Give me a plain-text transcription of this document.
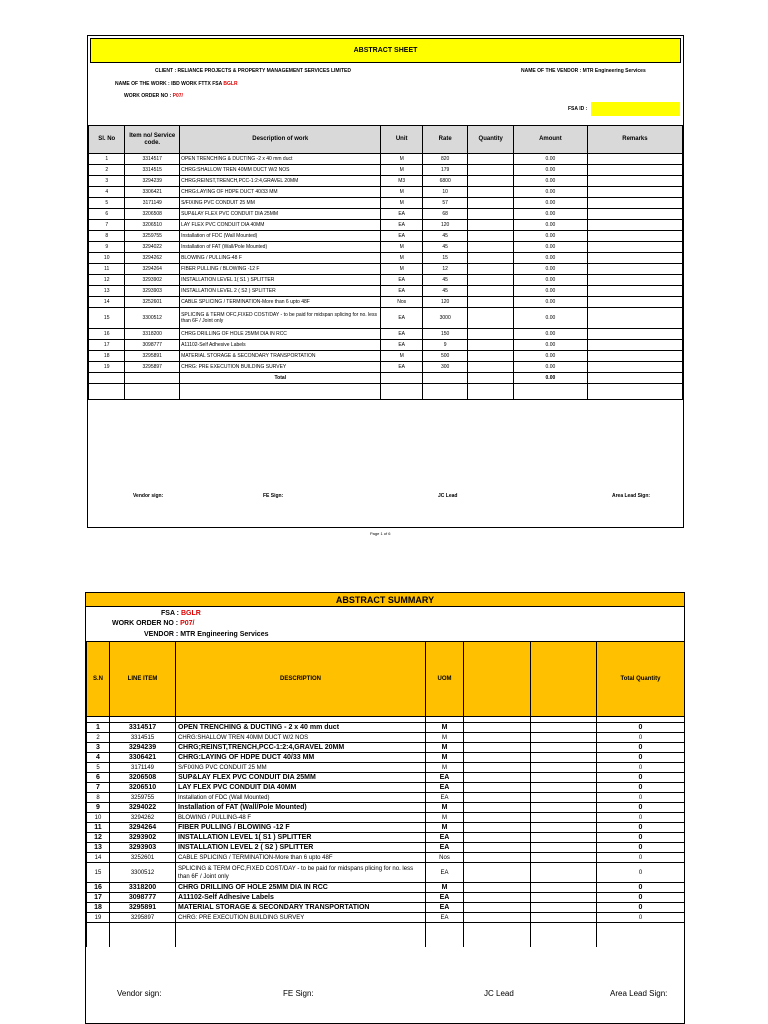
ABSTRACT SHEET
CLIENT : RELIANCE PROJECTS & PROPERTY MANAGEMENT SERVICES LIMITED	NAME OF THE VENDOR : MTR Engineering Services
NAME OF THE WORK : IBD WORK FTTX FSA BGLR
WORK ORDER NO : P07/
FSA ID :
Sl. No	Item no/ Service code.	Description of work	Unit	Rate	Quantity	Amount	Remarks
1	3314517	OPEN TRENCHING & DUCTING -2 x 40 mm duct	M	820		0.00	
2	3314515	CHRG:SHALLOW TREN 40MM DUCT W/2 NOS	M	179		0.00	
3	3294239	CHRG;REINST,TRENCH,PCC-1:2:4,GRAVEL 20MM	M3	6800		0.00	
4	3306421	CHRG:LAYING OF HDPE DUCT 40/33 MM	M	10		0.00	
5	3171149	S/FIXING PVC CONDUIT 25 MM	M	57		0.00	
6	3206508	SUP&LAY FLEX PVC CONDUIT DIA 25MM	EA	68		0.00	
7	3206510	LAY FLEX PVC CONDUIT DIA 40MM	EA	120		0.00	
8	3259755	Installation of FDC (Wall Mounted)	EA	45		0.00	
9	3294022	Installation of FAT (Wall/Pole Mounted)	M	45		0.00	
10	3294262	BLOWING / PULLING-48 F	M	15		0.00	
11	3294264	FIBER PULLING / BLOWING -12 F	M	12		0.00	
12	3293902	INSTALLATION LEVEL 1( S1 ) SPLITTER	EA	45		0.00	
13	3293903	INSTALLATION LEVEL 2 ( S2 ) SPLITTER	EA	45		0.00	
14	3252601	CABLE SPLICING / TERMINATION-More than 6 upto 48F	Nos	120		0.00	
15	3300512	SPLICING & TERM OFC,FIXED COST/DAY - to be paid for midspan splicing for no. less than 6F / Joint only	EA	3000		0.00	
16	3318200	CHRG DRILLING OF HOLE 25MM DIA IN RCC	EA	150		0.00	
17	3098777	A11102-Self Adhesive Labels	EA	9		0.00	
18	3295891	MATERIAL STORAGE & SECONDARY TRANSPORTATION	M	500		0.00	
19	3295897	CHRG: PRE EXECUTION BUILDING SURVEY	EA	300		0.00	
		Total				0.00	

Vendor sign:	FE Sign:	JC Lead	Area Lead Sign:
Page 1 of 6
ABSTRACT SUMMARY
FSA : BGLR
WORK ORDER NO : P07/
VENDOR : MTR Engineering Services
S.N	LINE ITEM	DESCRIPTION	UOM			Total Quantity

1	3314517	OPEN TRENCHING & DUCTING - 2 x 40 mm duct	M			0
2	3314515	CHRG:SHALLOW TREN 40MM DUCT W/2 NOS	M			0
3	3294239	CHRG;REINST,TRENCH,PCC-1:2:4,GRAVEL 20MM	M			0
4	3306421	CHRG:LAYING OF HDPE DUCT 40/33 MM	M			0
5	3171149	S/FIXING PVC CONDUIT 25 MM	M			0
6	3206508	SUP&LAY FLEX PVC CONDUIT DIA 25MM	EA			0
7	3206510	LAY FLEX PVC CONDUIT DIA 40MM	EA			0
8	3259755	Installation of FDC (Wall Mounted)	EA			0
9	3294022	Installation of FAT (Wall/Pole Mounted)	M			0
10	3294262	BLOWING / PULLING-48 F	M			0
11	3294264	FIBER PULLING / BLOWING -12 F	M			0
12	3293902	INSTALLATION LEVEL 1( S1 ) SPLITTER	EA			0
13	3293903	INSTALLATION LEVEL 2 ( S2 ) SPLITTER	EA			0
14	3252601	CABLE SPLICING / TERMINATION-More than 6 upto 48F	Nos			0
15	3300512	SPLICING & TERM OFC,FIXED COST/DAY - to be paid for midspans plicing for no. less than 6F / Joint only	EA			0
16	3318200	CHRG DRILLING OF HOLE 25MM DIA IN RCC	M			0
17	3098777	A11102-Self Adhesive Labels	EA			0
18	3295891	MATERIAL STORAGE & SECONDARY TRANSPORTATION	EA			0
19	3295897	CHRG: PRE EXECUTION BUILDING SURVEY	EA			0

Vendor sign:	FE Sign:	JC Lead	Area Lead Sign:
